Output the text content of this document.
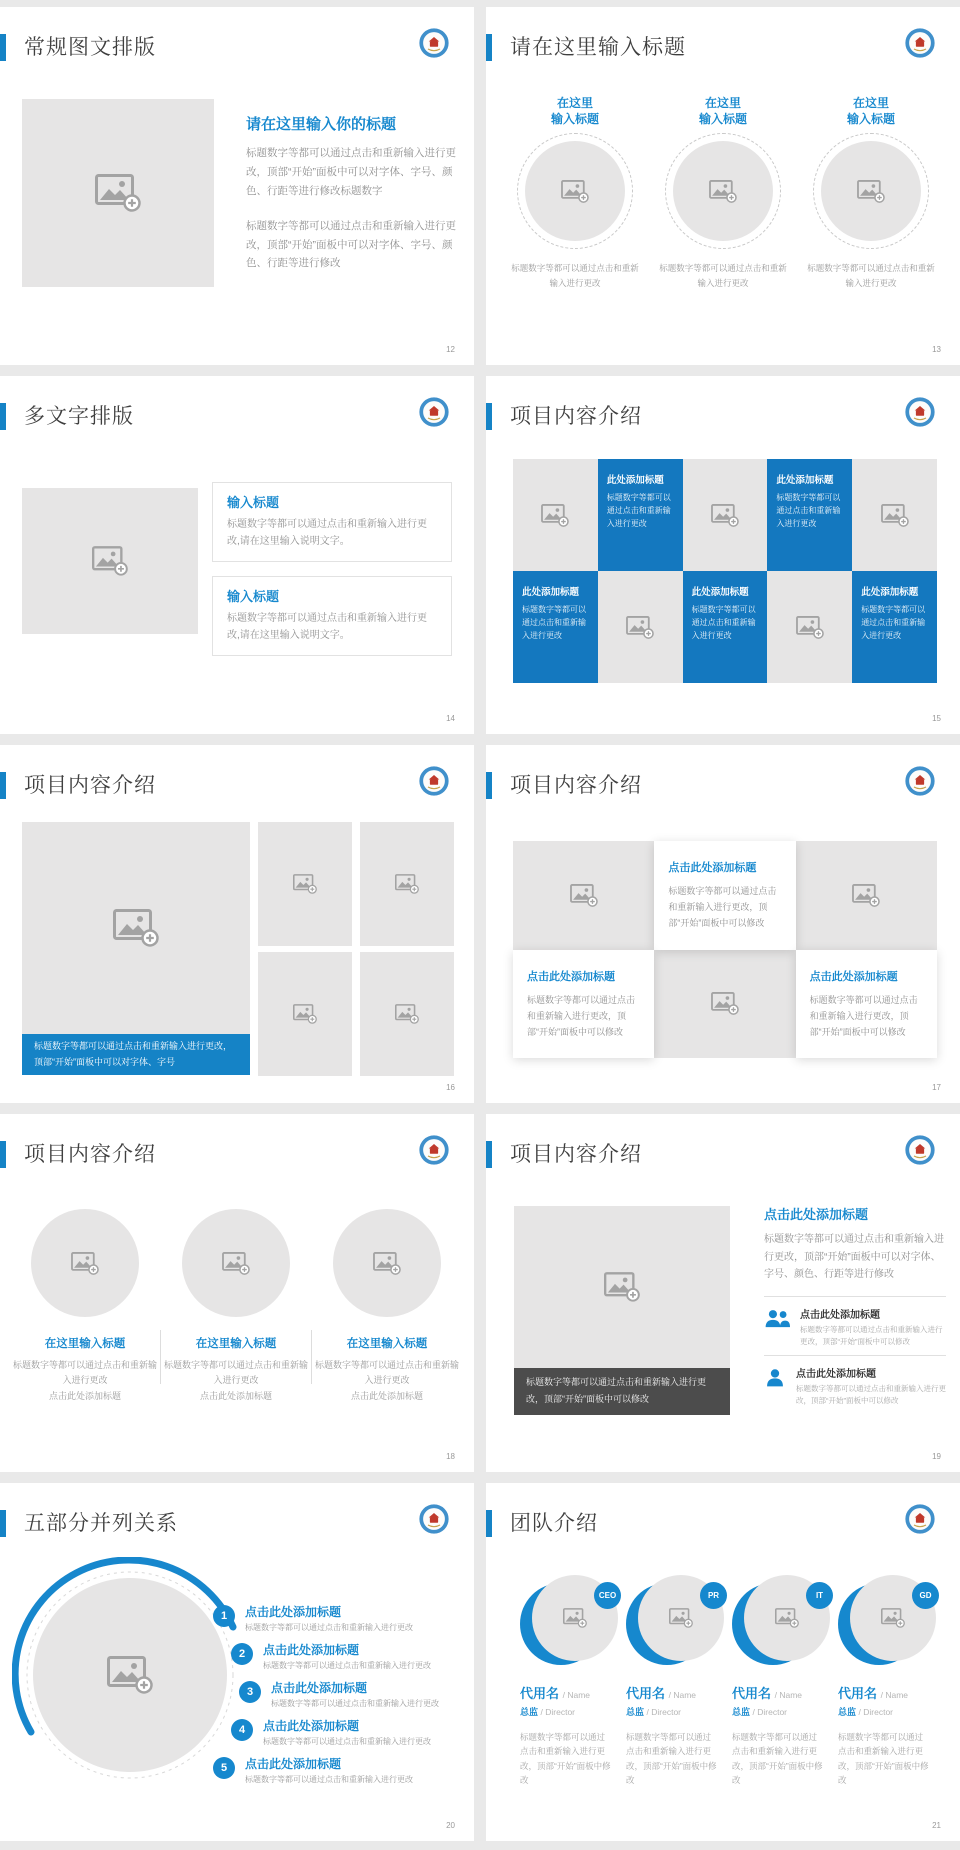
常规图文排版
请在这里输入你的标题

标题数字等都可以通过点击和重新输入进行更改，顶部“开始”面板中可以对字体、字号、颜色、行距等进行修改标题数字

标题数字等都可以通过点击和重新输入进行更改，顶部“开始”面板中可以对字体、字号、颜色、行距等进行修改

12
请在这里输入标题
在这里
输入标题

标题数字等都可以通过点击和重新输入进行更改

在这里
输入标题

标题数字等都可以通过点击和重新输入进行更改

在这里
输入标题

标题数字等都可以通过点击和重新输入进行更改

13
多文字排版
输入标题

标题数字等都可以通过点击和重新输入进行更改,请在这里输入说明文字。

输入标题

标题数字等都可以通过点击和重新输入进行更改,请在这里输入说明文字。

14
项目内容介绍
此处添加标题

标题数字等都可以通过点击和重新输入进行更改

此处添加标题

标题数字等都可以通过点击和重新输入进行更改

此处添加标题

标题数字等都可以通过点击和重新输入进行更改

此处添加标题

标题数字等都可以通过点击和重新输入进行更改

此处添加标题

标题数字等都可以通过点击和重新输入进行更改

15
项目内容介绍
标题数字等都可以通过点击和重新输入进行更改，顶部“开始”面板中可以对字体、字号
16
项目内容介绍
点击此处添加标题

标题数字等都可以通过点击和重新输入进行更改，顶部“开始”面板中可以修改

点击此处添加标题

标题数字等都可以通过点击和重新输入进行更改，顶部“开始”面板中可以修改

点击此处添加标题

标题数字等都可以通过点击和重新输入进行更改，顶部“开始”面板中可以修改

17
项目内容介绍
在这里输入标题

标题数字等都可以通过点击和重新输入进行更改
点击此处添加标题

在这里输入标题

标题数字等都可以通过点击和重新输入进行更改
点击此处添加标题

在这里输入标题

标题数字等都可以通过点击和重新输入进行更改
点击此处添加标题

18
项目内容介绍
标题数字等都可以通过点击和重新输入进行更改，顶部“开始”面板中可以修改
点击此处添加标题

标题数字等都可以通过点击和重新输入进行更改，顶部“开始”面板中可以对字体、字号、颜色、行距等进行修改

点击此处添加标题

标题数字等都可以通过点击和重新输入进行更改，顶部“开始”面板中可以修改

点击此处添加标题

标题数字等都可以通过点击和重新输入进行更改，顶部“开始”面板中可以修改

19
五部分并列关系
1	点击此处添加标题

标题数字等都可以通过点击和重新输入进行更改

2	点击此处添加标题

标题数字等都可以通过点击和重新输入进行更改

3	点击此处添加标题

标题数字等都可以通过点击和重新输入进行更改

4	点击此处添加标题

标题数字等都可以通过点击和重新输入进行更改

5	点击此处添加标题

标题数字等都可以通过点击和重新输入进行更改

20
团队介绍
CEO
代用名 / Name
总监 / Director

标题数字等都可以通过点击和重新输入进行更改，顶部“开始”面板中修改

PR
代用名 / Name
总监 / Director

标题数字等都可以通过点击和重新输入进行更改，顶部“开始”面板中修改

IT
代用名 / Name
总监 / Director

标题数字等都可以通过点击和重新输入进行更改，顶部“开始”面板中修改

GD
代用名 / Name
总监 / Director

标题数字等都可以通过点击和重新输入进行更改，顶部“开始”面板中修改

21
